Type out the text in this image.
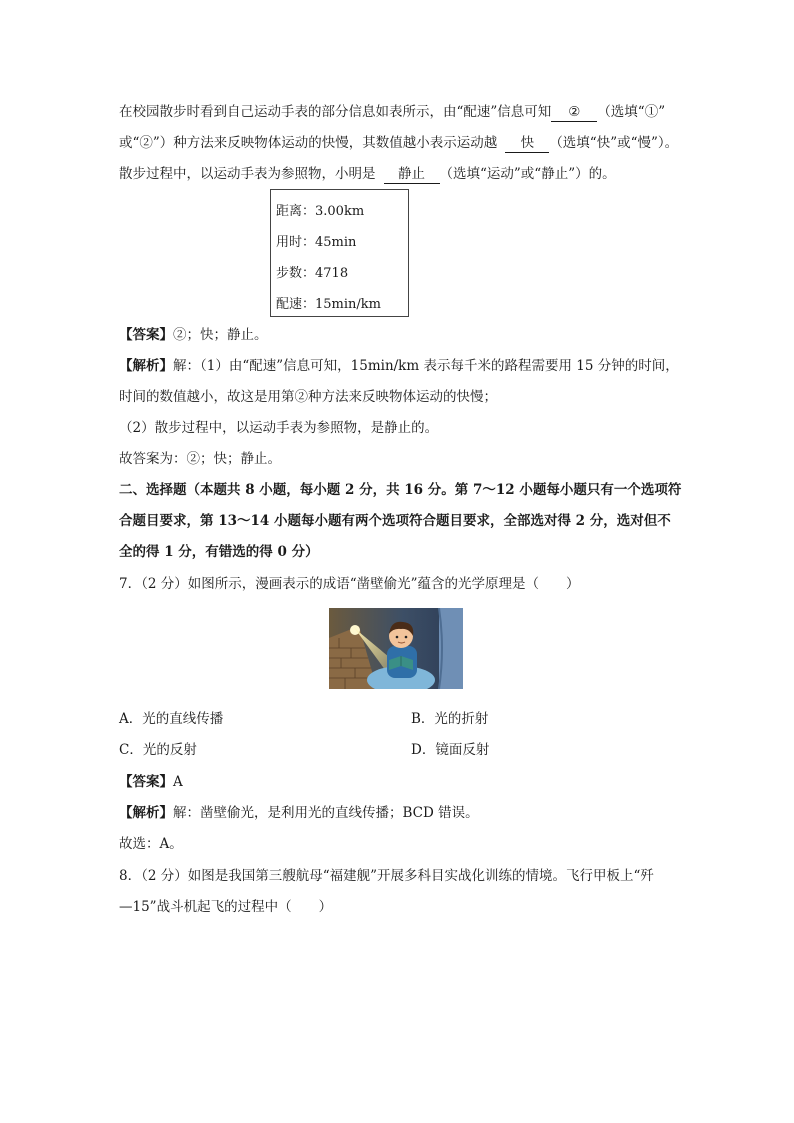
在校园散步时看到自己运动手表的部分信息如表所示，由“配速”信息可知 ② （选填“①”
或“②”）种方法来反映物体运动的快慢，其数值越小表示运动越 快 （选填“快”或“慢”）。
散步过程中，以运动手表为参照物，小明是 静止 （选填“运动”或“静止”）的。
距离：3.00km
用时：45min
步数：4718
配速：15min/km
【答案】②；快；静止。
【解析】解：（1）由“配速”信息可知，15min/km 表示每千米的路程需要用 15 分钟的时间，
时间的数值越小，故这是用第②种方法来反映物体运动的快慢；
（2）散步过程中，以运动手表为参照物，是静止的。
故答案为：②；快；静止。
二、选择题（本题共 8 小题，每小题 2 分，共 16 分。第 7～12 小题每小题只有一个选项符
合题目要求，第 13～14 小题每小题有两个选项符合题目要求，全部选对得 2 分，选对但不
全的得 1 分，有错选的得 0 分）
7．（2 分）如图所示，漫画表示的成语“凿壁偷光”蕴含的光学原理是（　　）
A．光的直线传播	B．光的折射
C．光的反射	D．镜面反射
【答案】A
【解析】解：凿壁偷光，是利用光的直线传播；BCD 错误。
故选：A。
8．（2 分）如图是我国第三艘航母“福建舰”开展多科目实战化训练的情境。飞行甲板上“歼
—15”战斗机起飞的过程中（　　）
